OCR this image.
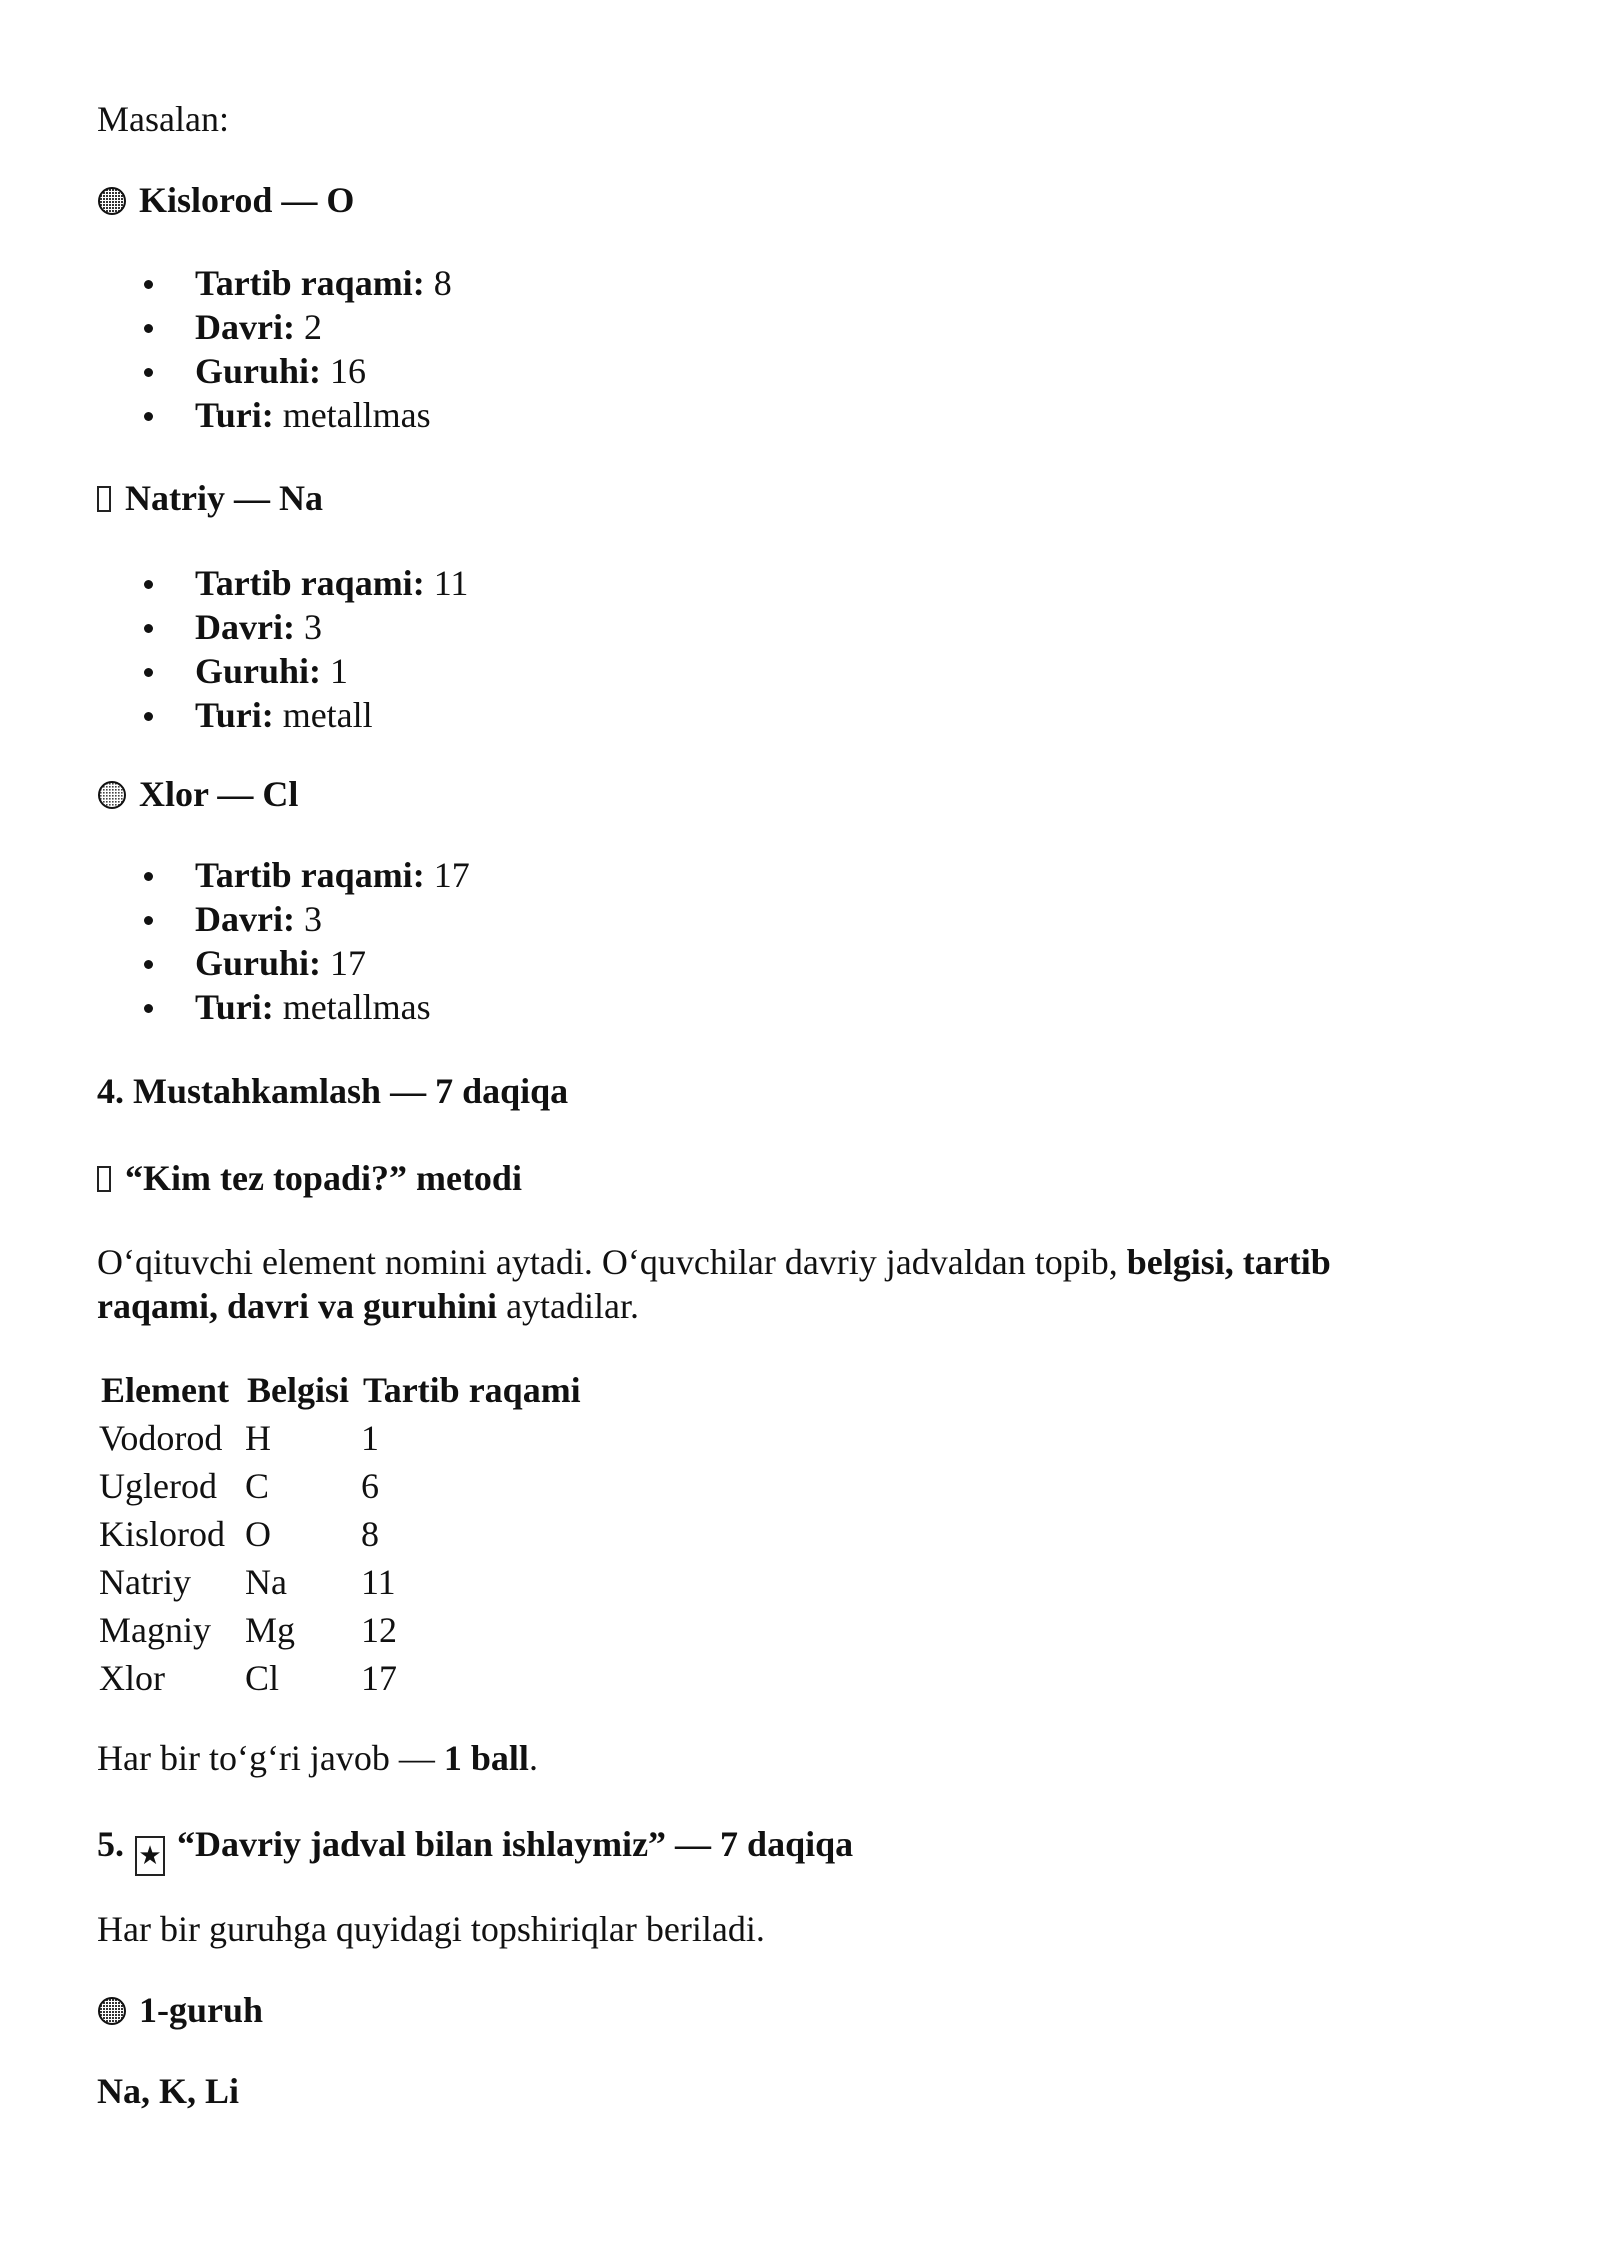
Masalan:
Kislorod — O
Tartib raqami: 8
Davri: 2
Guruhi: 16
Turi: metallmas
Natriy — Na
Tartib raqami: 11
Davri: 3
Guruhi: 1
Turi: metall
Xlor — Cl
Tartib raqami: 17
Davri: 3
Guruhi: 17
Turi: metallmas
4. Mustahkamlash — 7 daqiqa
“Kim tez topadi?” metodi
O‘qituvchi element nomini aytadi. O‘quvchilar davriy jadvaldan topib, belgisi, tartib raqami, davri va guruhini aytadilar.
Element	Belgisi	Tartib raqami
Vodorod	H	1
Uglerod	C	6
Kislorod	O	8
Natriy	Na	11
Magniy	Mg	12
Xlor	Cl	17
Har bir to‘g‘ri javob — 1 ball.
5. ★ “Davriy jadval bilan ishlaymiz” — 7 daqiqa
Har bir guruhga quyidagi topshiriqlar beriladi.
1-guruh
Na, K, Li
